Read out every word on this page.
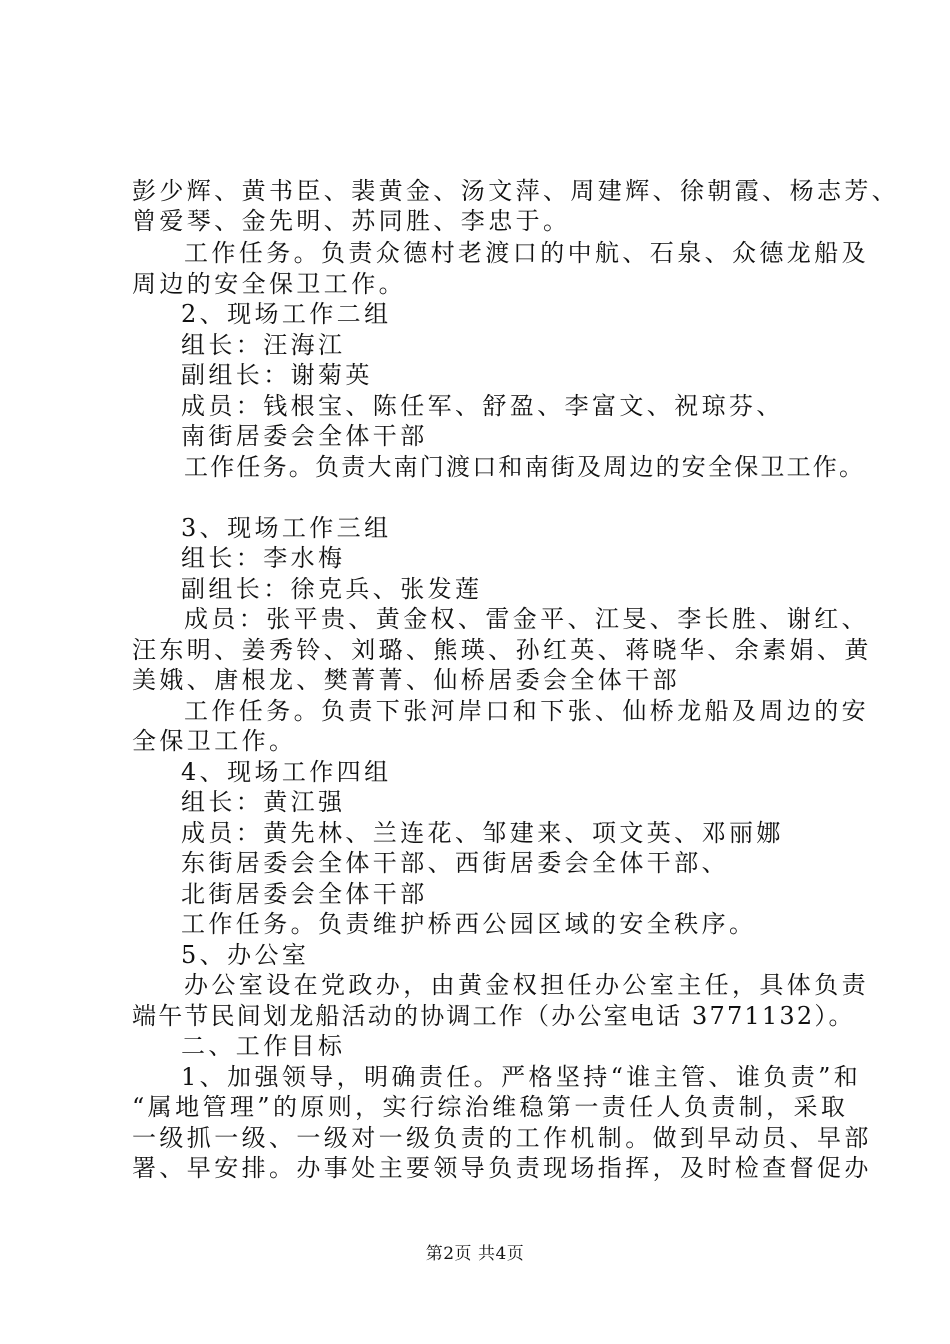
彭少辉、黄书臣、裴黄金、汤文萍、周建辉、徐朝霞、杨志芳、
曾爱琴、金先明、苏同胜、李忠于。
工作任务。负责众德村老渡口的中航、石泉、众德龙船及
周边的安全保卫工作。
2、现场工作二组
组长：汪海江
副组长：谢菊英
成员：钱根宝、陈任军、舒盈、李富文、祝琼芬、
南街居委会全体干部
工作任务。负责大南门渡口和南街及周边的安全保卫工作。
3、现场工作三组
组长：李水梅
副组长：徐克兵、张发莲
成员：张平贵、黄金权、雷金平、江旻、李长胜、谢红、
汪东明、姜秀铃、刘璐、熊瑛、孙红英、蒋晓华、余素娟、黄
美娥、唐根龙、樊菁菁、仙桥居委会全体干部
工作任务。负责下张河岸口和下张、仙桥龙船及周边的安
全保卫工作。
4、现场工作四组
组长：黄江强
成员：黄先林、兰连花、邹建来、项文英、邓丽娜
东街居委会全体干部、西街居委会全体干部、
北街居委会全体干部
工作任务。负责维护桥西公园区域的安全秩序。
5、办公室
办公室设在党政办，由黄金权担任办公室主任，具体负责
端午节民间划龙船活动的协调工作（办公室电话 3771132）。
二、工作目标
1、加强领导，明确责任。严格坚持“谁主管、谁负责”和
“属地管理”的原则，实行综治维稳第一责任人负责制，采取
一级抓一级、一级对一级负责的工作机制。做到早动员、早部
署、早安排。办事处主要领导负责现场指挥，及时检查督促办
第2页 共4页
